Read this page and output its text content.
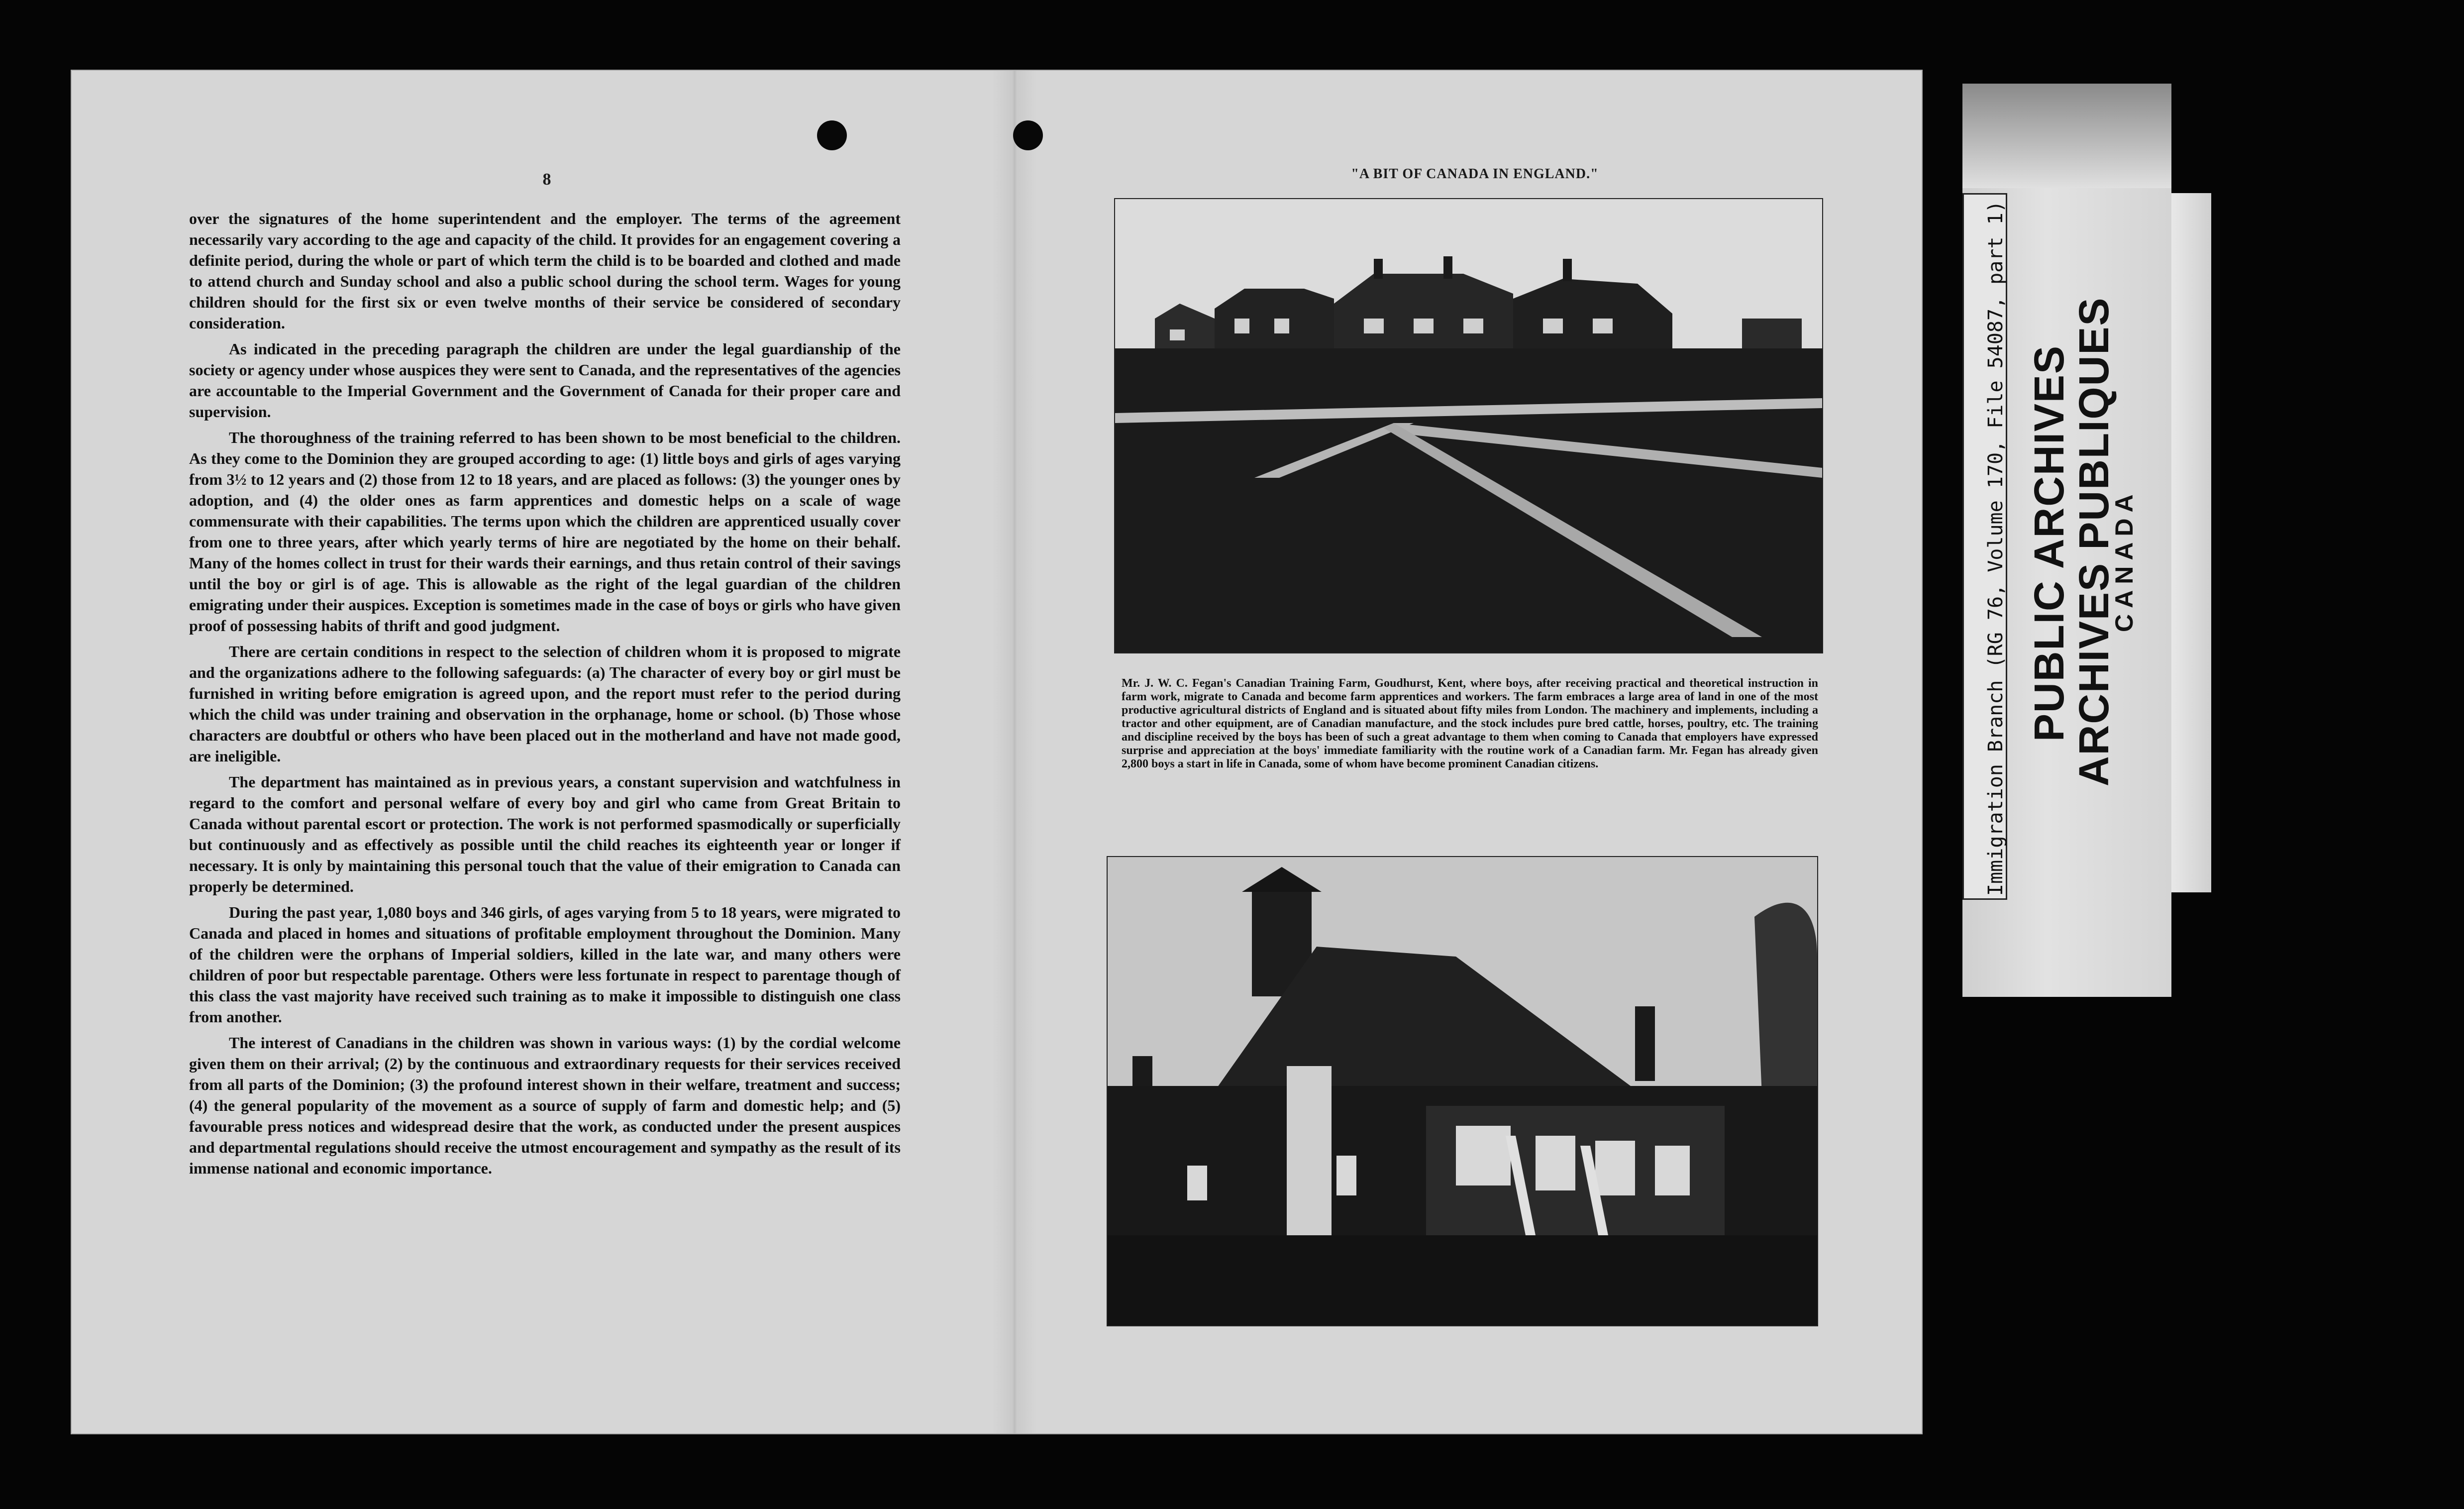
8

over the signatures of the home superintendent and the employer. The terms of the agreement necessarily vary according to the age and capacity of the child. It provides for an engagement covering a definite period, during the whole or part of which term the child is to be boarded and clothed and made to attend church and Sunday school and also a public school during the school term. Wages for young children should for the first six or even twelve months of their service be considered of secondary consideration.

As indicated in the preceding paragraph the children are under the legal guardianship of the society or agency under whose auspices they were sent to Canada, and the representatives of the agencies are accountable to the Imperial Government and the Government of Canada for their proper care and supervision.

The thoroughness of the training referred to has been shown to be most beneficial to the children. As they come to the Dominion they are grouped according to age: (1) little boys and girls of ages varying from 3½ to 12 years and (2) those from 12 to 18 years, and are placed as follows: (3) the younger ones by adoption, and (4) the older ones as farm apprentices and domestic helps on a scale of wage commensurate with their capabilities. The terms upon which the children are apprenticed usually cover from one to three years, after which yearly terms of hire are negotiated by the home on their behalf. Many of the homes collect in trust for their wards their earnings, and thus retain control of their savings until the boy or girl is of age. This is allowable as the right of the legal guardian of the children emigrating under their auspices. Exception is sometimes made in the case of boys or girls who have given proof of possessing habits of thrift and good judgment.

There are certain conditions in respect to the selection of children whom it is proposed to migrate and the organizations adhere to the following safeguards: (a) The character of every boy or girl must be furnished in writing before emigration is agreed upon, and the report must refer to the period during which the child was under training and observation in the orphanage, home or school. (b) Those whose characters are doubtful or others who have been placed out in the motherland and have not made good, are ineligible.

The department has maintained as in previous years, a constant supervision and watchfulness in regard to the comfort and personal welfare of every boy and girl who came from Great Britain to Canada without parental escort or protection. The work is not performed spasmodically or superficially but continuously and as effectively as possible until the child reaches its eighteenth year or longer if necessary. It is only by maintaining this personal touch that the value of their emigration to Canada can properly be determined.

During the past year, 1,080 boys and 346 girls, of ages varying from 5 to 18 years, were migrated to Canada and placed in homes and situations of profitable employment throughout the Dominion. Many of the children were the orphans of Imperial soldiers, killed in the late war, and many others were children of poor but respectable parentage. Others were less fortunate in respect to parentage though of this class the vast majority have received such training as to make it impossible to distinguish one class from another.

The interest of Canadians in the children was shown in various ways: (1) by the cordial welcome given them on their arrival; (2) by the continuous and extraordinary requests for their services received from all parts of the Dominion; (3) the profound interest shown in their welfare, treatment and success; (4) the general popularity of the movement as a source of supply of farm and domestic help; and (5) favourable press notices and widespread desire that the work, as conducted under the present auspices and departmental regulations should receive the utmost encouragement and sympathy as the result of its immense national and economic importance.

"A BIT OF CANADA IN ENGLAND."
Mr. J. W. C. Fegan's Canadian Training Farm, Goudhurst, Kent, where boys, after receiving practical and theoretical instruction in farm work, migrate to Canada and become farm apprentices and workers. The farm embraces a large area of land in one of the most productive agricultural districts of England and is situated about fifty miles from London. The machinery and implements, including a tractor and other equipment, are of Canadian manufacture, and the stock includes pure bred cattle, horses, poultry, etc. The training and discipline received by the boys has been of such a great advantage to them when coming to Canada that employers have expressed surprise and appreciation at the boys' immediate familiarity with the routine work of a Canadian farm. Mr. Fegan has already given 2,800 boys a start in life in Canada, some of whom have become prominent Canadian citizens.	Immigration Branch (RG 76, Volume 170, File 54087, part 1) PUBLIC ARCHIVES
ARCHIVES PUBLIQUES
CANADA
